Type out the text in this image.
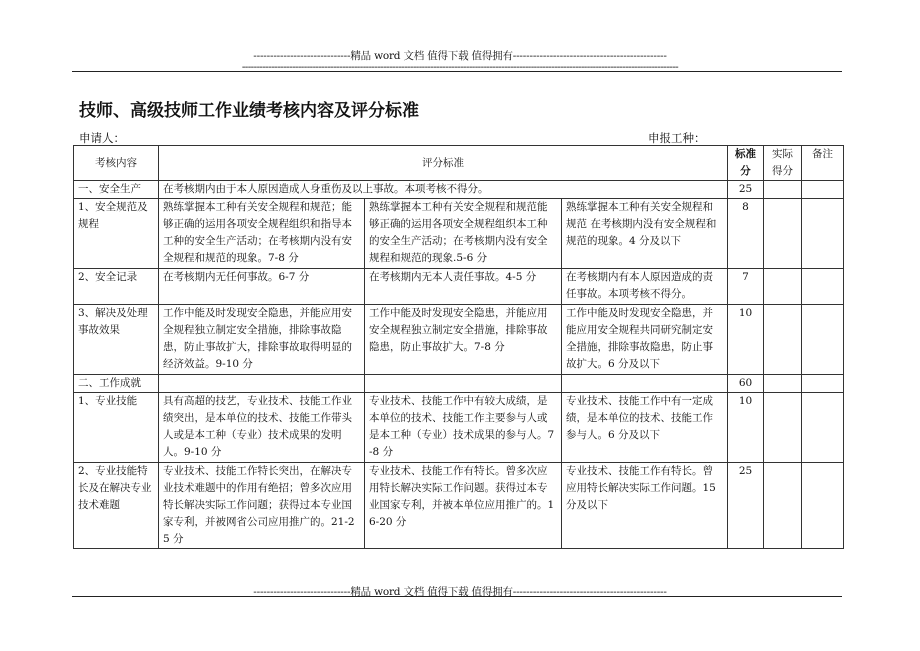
-----------------------------精品 word 文档 值得下载 值得拥有----------------------------------------------
----------------------------------------------------------------------------------------------------------------------------------------------------
技师、高级技师工作业绩考核内容及评分标准
申请人：	申报工种：
考核内容	评分标准			标准分	实际得分	备注
一、安全生产	在考核期内由于本人原因造成人身重伤及以上事故。本项考核不得分。			25		
1、安全规范及规程	熟练掌握本工种有关安全规程和规范；能够正确的运用各项安全规程组织和指导本工种的安全生产活动；在考核期内没有安全规程和规范的现象。7-8 分	熟练掌握本工种有关安全规程和规范能够正确的运用各项安全规程组织本工种的安全生产活动；在考核期内没有安全规程和规范的现象.5-6 分	熟练掌握本工种有关安全规程和规范 在考核期内没有安全规程和规范的现象。4 分及以下	8		
2、安全记录	在考核期内无任何事故。6-7 分	在考核期内无本人责任事故。4-5 分	在考核期内有本人原因造成的责任事故。本项考核不得分。	7		
3、解决及处理事故效果	工作中能及时发现安全隐患，并能应用安全规程独立制定安全措施，排除事故隐患，防止事故扩大，排除事故取得明显的经济效益。9-10 分	工作中能及时发现安全隐患，并能应用安全规程独立制定安全措施，排除事故隐患，防止事故扩大。7-8 分	工作中能及时发现安全隐患，并能应用安全规程共同研究制定安全措施，排除事故隐患，防止事故扩大。6 分及以下	10		
二、工作成就				60		
1、专业技能	具有高超的技艺，专业技术、技能工作业绩突出，是本单位的技术、技能工作带头人或是本工种（专业）技术成果的发明人。9-10 分	专业技术、技能工作中有较大成绩，是本单位的技术、技能工作主要参与人或是本工种（专业）技术成果的参与人。7-8 分	专业技术、技能工作中有一定成绩，是本单位的技术、技能工作参与人。6 分及以下	10		
2、专业技能特长及在解决专业技术难题	专业技术、技能工作特长突出，在解决专业技术难题中的作用有绝招；曾多次应用特长解决实际工作问题；获得过本专业国家专利，并被网省公司应用推广的。21-25 分	专业技术、技能工作有特长。曾多次应用特长解决实际工作问题。获得过本专业国家专利，并被本单位应用推广的。16-20 分	专业技术、技能工作有特长。曾应用特长解决实际工作问题。15 分及以下	25		
-----------------------------精品 word 文档 值得下载 值得拥有----------------------------------------------
